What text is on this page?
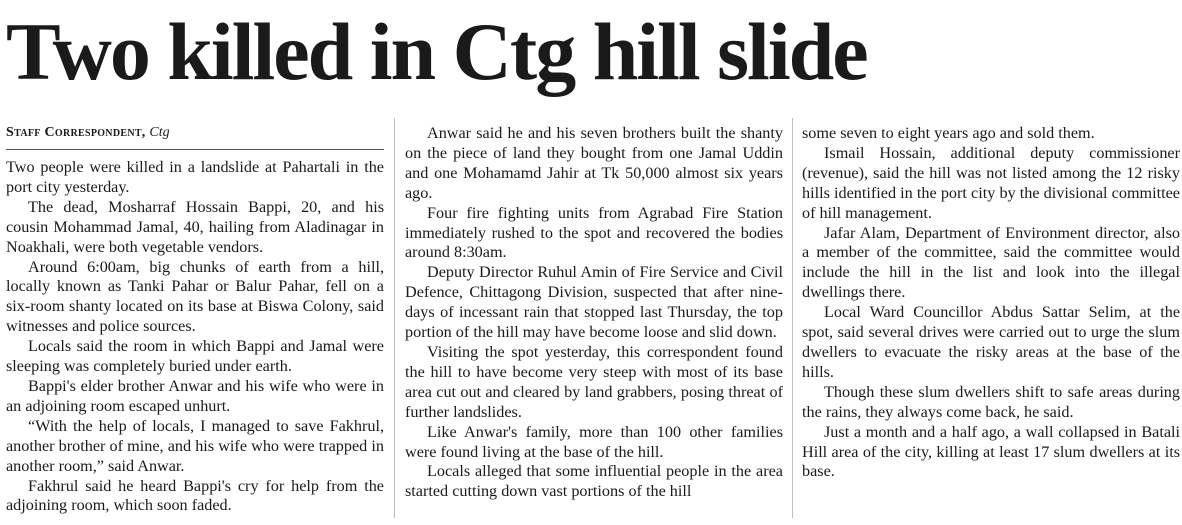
Two killed in Ctg hill slide
Staff Correspondent, Ctg

Two people were killed in a landslide at Pahartali in the port city yesterday.

The dead, Mosharraf Hossain Bappi, 20, and his cousin Mohammad Jamal, 40, hailing from Aladinagar in Noakhali, were both vegetable vendors.

Around 6:00am, big chunks of earth from a hill, locally known as Tanki Pahar or Balur Pahar, fell on a six-room shanty located on its base at Biswa Colony, said witnesses and police sources.

Locals said the room in which Bappi and Jamal were sleeping was completely buried under earth.

Bappi's elder brother Anwar and his wife who were in an adjoining room escaped unhurt.

“With the help of locals, I managed to save Fakhrul, another brother of mine, and his wife who were trapped in another room,” said Anwar.

Fakhrul said he heard Bappi's cry for help from the adjoining room, which soon faded.

Anwar said he and his seven brothers built the shanty on the piece of land they bought from one Jamal Uddin and one Mohamamd Jahir at Tk 50,000 almost six years ago.

Four fire fighting units from Agrabad Fire Station immediately rushed to the spot and recovered the bodies around 8:30am.

Deputy Director Ruhul Amin of Fire Service and Civil Defence, Chittagong Division, suspected that after nine-days of incessant rain that stopped last Thursday, the top portion of the hill may have become loose and slid down.

Visiting the spot yesterday, this correspondent found the hill to have become very steep with most of its base area cut out and cleared by land grabbers, posing threat of further landslides.

Like Anwar's family, more than 100 other families were found living at the base of the hill.

Locals alleged that some influential people in the area started cutting down vast portions of the hill

some seven to eight years ago and sold them.

Ismail Hossain, additional deputy commissioner (revenue), said the hill was not listed among the 12 risky hills identified in the port city by the divisional committee of hill management.

Jafar Alam, Department of Environment director, also a member of the committee, said the committee would include the hill in the list and look into the illegal dwellings there.

Local Ward Councillor Abdus Sattar Selim, at the spot, said several drives were carried out to urge the slum dwellers to evacuate the risky areas at the base of the hills.

Though these slum dwellers shift to safe areas during the rains, they always come back, he said.

Just a month and a half ago, a wall collapsed in Batali Hill area of the city, killing at least 17 slum dwellers at its base.
